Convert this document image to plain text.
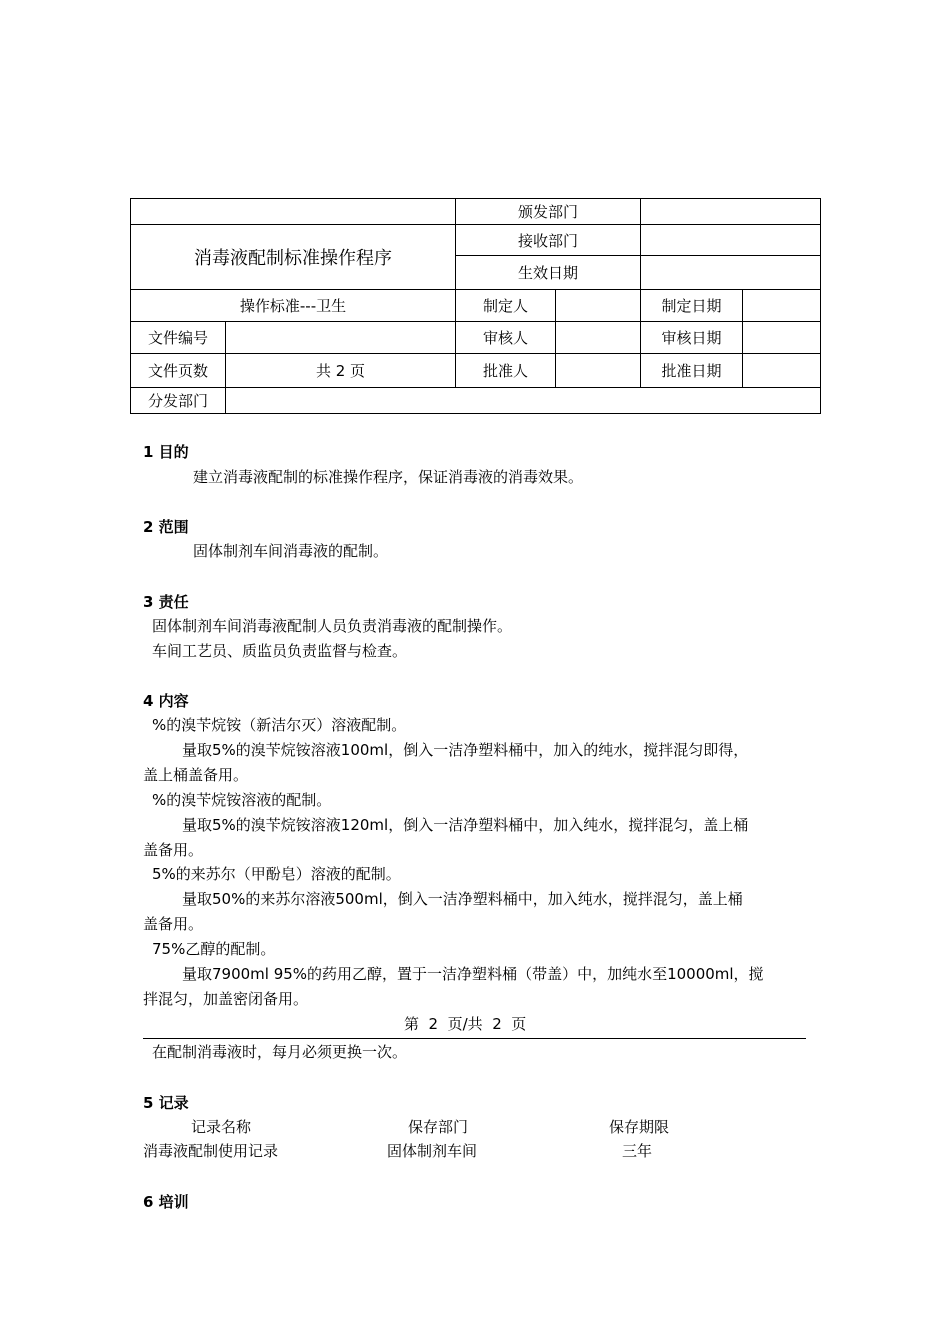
		颁发部门			
消毒液配制标准操作程序		接收部门			
		生效日期			
操作标准---卫生		制定人		制定日期	
文件编号		审核人		审核日期	
文件页数	共 2 页	批准人		批准日期	
分发部门					
1 目的
建立消毒液配制的标准操作程序，保证消毒液的消毒效果。
2 范围
固体制剂车间消毒液的配制。
3 责任
固体制剂车间消毒液配制人员负责消毒液的配制操作。
车间工艺员、质监员负责监督与检查。
4 内容
%的溴苄烷铵（新洁尔灭）溶液配制。
量取5%的溴苄烷铵溶液100ml，倒入一洁净塑料桶中，加入的纯水，搅拌混匀即得，
盖上桶盖备用。
%的溴苄烷铵溶液的配制。
量取5%的溴苄烷铵溶液120ml，倒入一洁净塑料桶中，加入纯水，搅拌混匀，盖上桶
盖备用。
5%的来苏尔（甲酚皂）溶液的配制。
量取50%的来苏尔溶液500ml，倒入一洁净塑料桶中，加入纯水，搅拌混匀，盖上桶
盖备用。
75%乙醇的配制。
量取7900ml 95%的药用乙醇，置于一洁净塑料桶（带盖）中，加纯水至10000ml，搅
拌混匀，加盖密闭备用。
第  2  页/共  2  页
在配制消毒液时，每月必须更换一次。
5 记录
记录名称	保存部门	保存期限
消毒液配制使用记录	固体制剂车间	三年
6 培训
